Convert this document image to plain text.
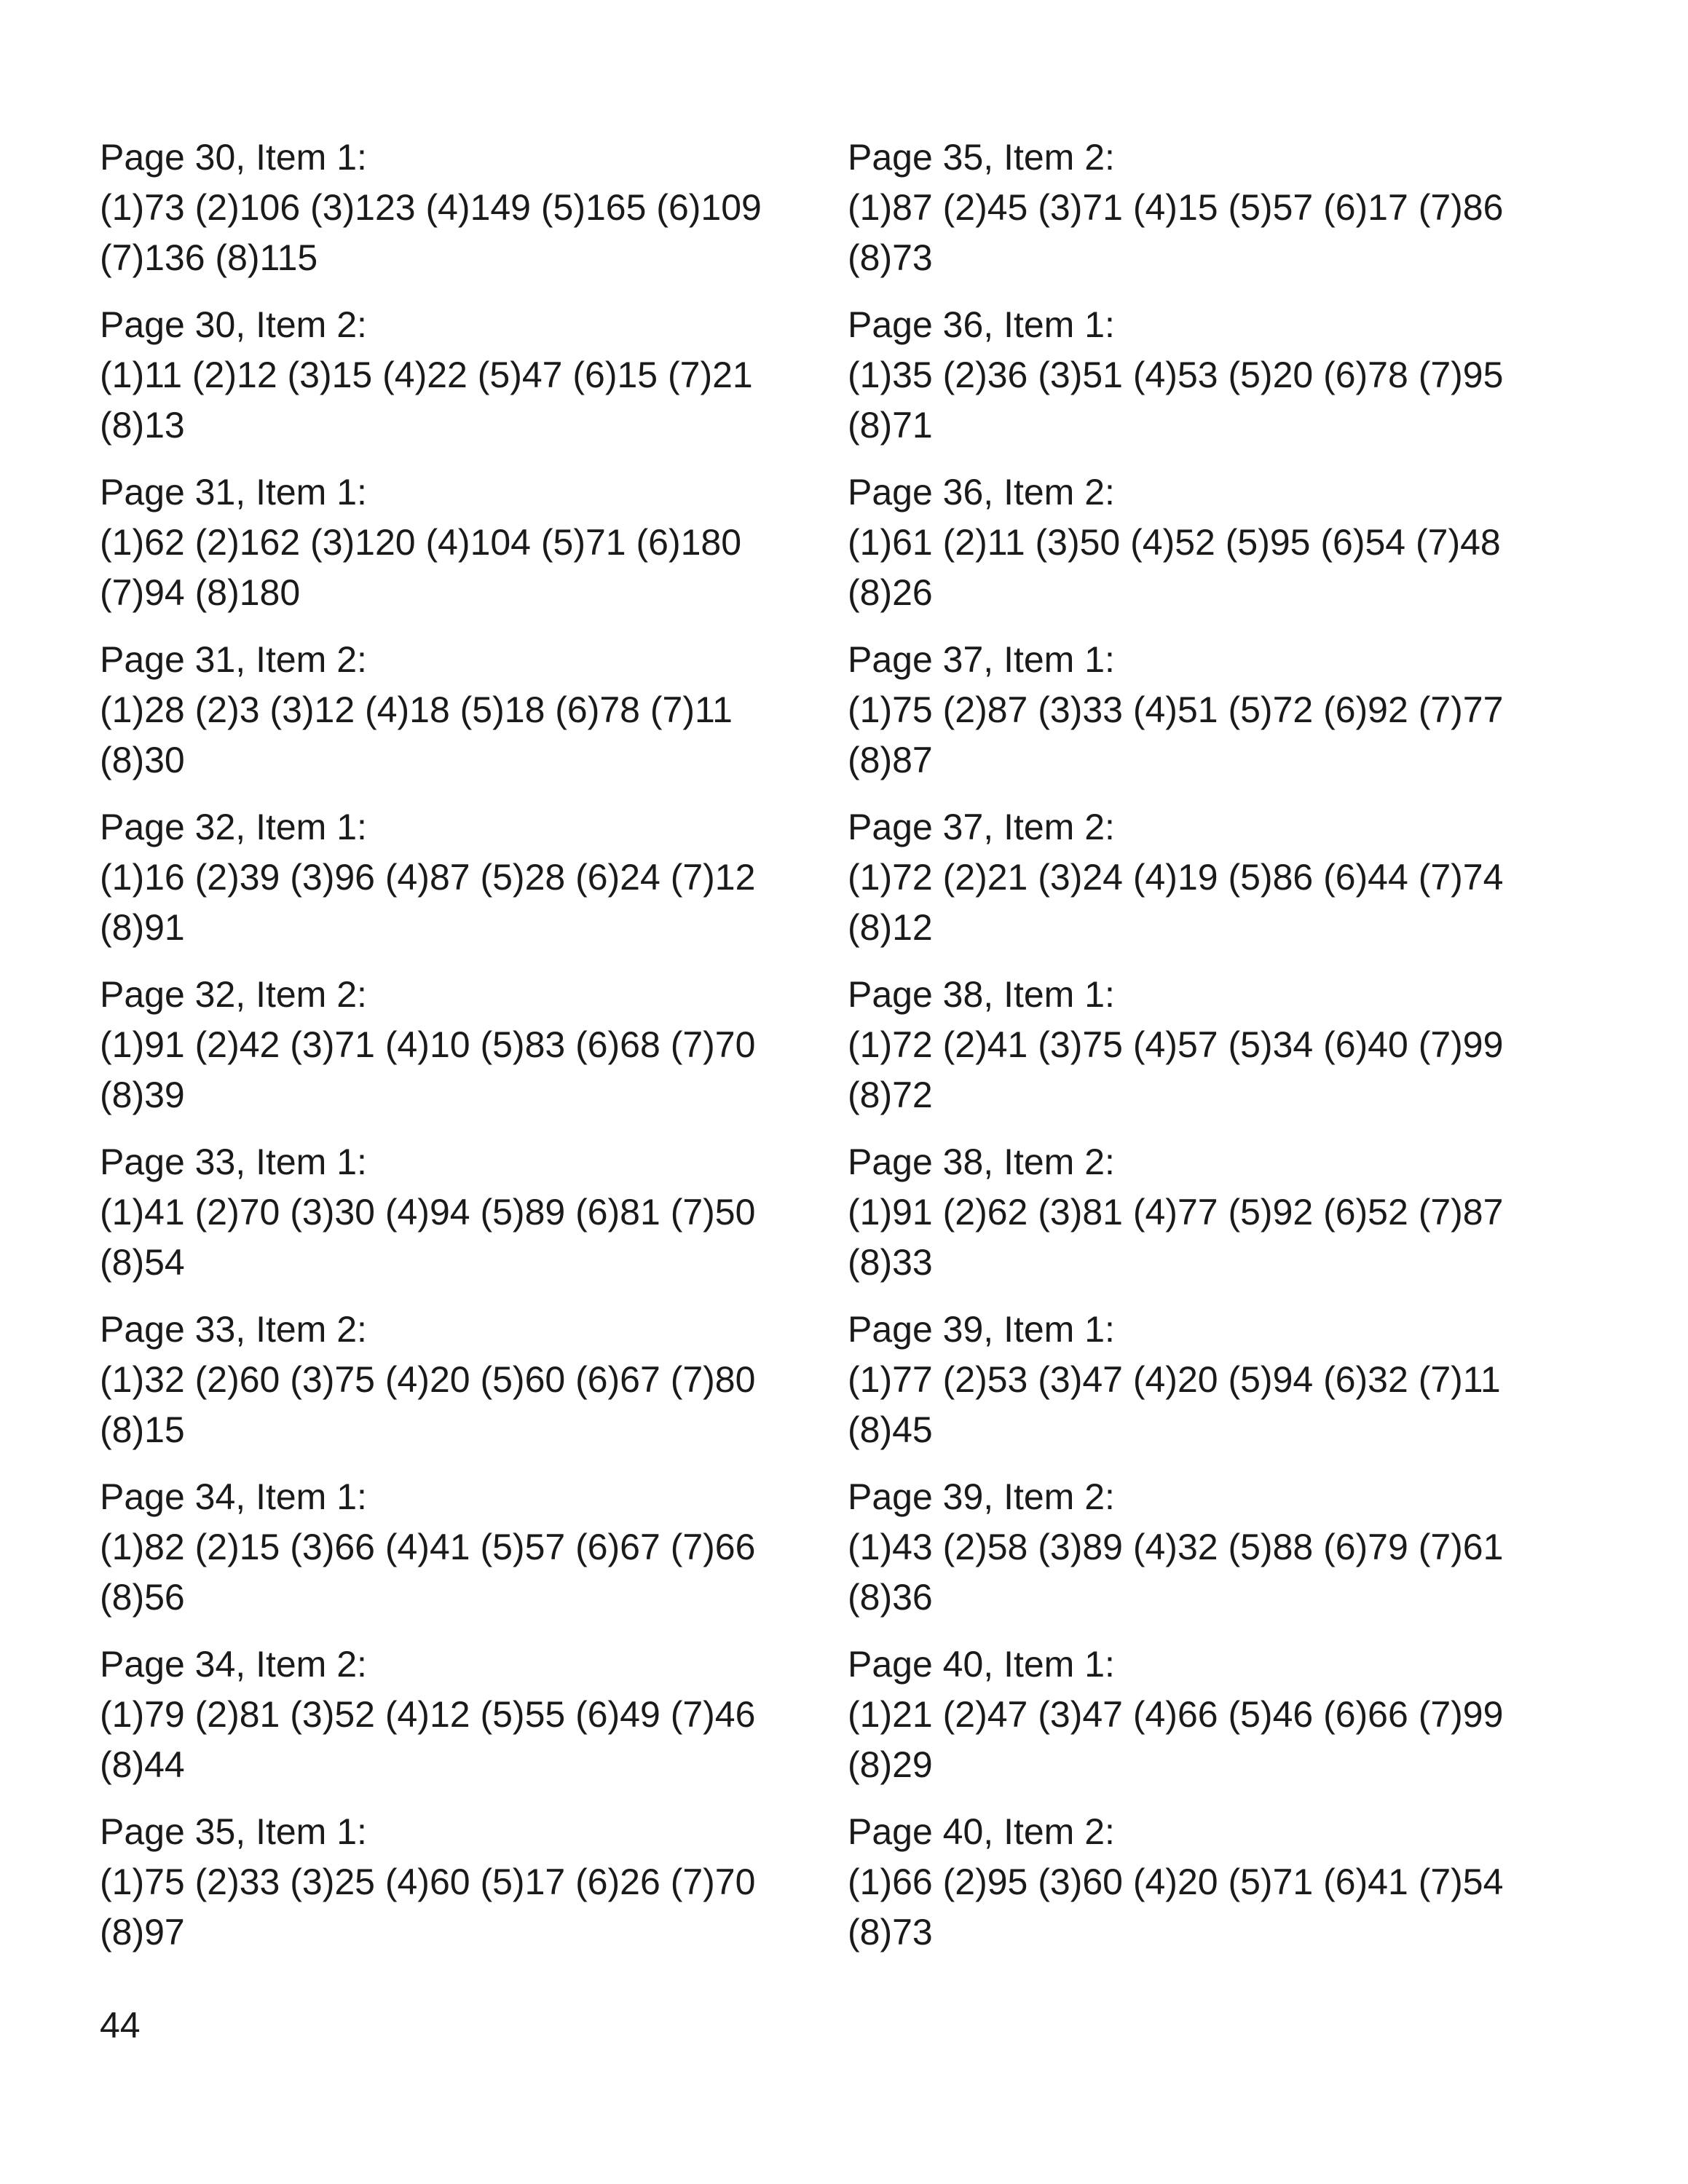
Page 30, Item 1:
(1)73 (2)106 (3)123 (4)149 (5)165 (6)109
(7)136 (8)115
Page 30, Item 2:
(1)11 (2)12 (3)15 (4)22 (5)47 (6)15 (7)21
(8)13
Page 31, Item 1:
(1)62 (2)162 (3)120 (4)104 (5)71 (6)180
(7)94 (8)180
Page 31, Item 2:
(1)28 (2)3 (3)12 (4)18 (5)18 (6)78 (7)11
(8)30
Page 32, Item 1:
(1)16 (2)39 (3)96 (4)87 (5)28 (6)24 (7)12
(8)91
Page 32, Item 2:
(1)91 (2)42 (3)71 (4)10 (5)83 (6)68 (7)70
(8)39
Page 33, Item 1:
(1)41 (2)70 (3)30 (4)94 (5)89 (6)81 (7)50
(8)54
Page 33, Item 2:
(1)32 (2)60 (3)75 (4)20 (5)60 (6)67 (7)80
(8)15
Page 34, Item 1:
(1)82 (2)15 (3)66 (4)41 (5)57 (6)67 (7)66
(8)56
Page 34, Item 2:
(1)79 (2)81 (3)52 (4)12 (5)55 (6)49 (7)46
(8)44
Page 35, Item 1:
(1)75 (2)33 (3)25 (4)60 (5)17 (6)26 (7)70
(8)97
Page 35, Item 2:
(1)87 (2)45 (3)71 (4)15 (5)57 (6)17 (7)86
(8)73
Page 36, Item 1:
(1)35 (2)36 (3)51 (4)53 (5)20 (6)78 (7)95
(8)71
Page 36, Item 2:
(1)61 (2)11 (3)50 (4)52 (5)95 (6)54 (7)48
(8)26
Page 37, Item 1:
(1)75 (2)87 (3)33 (4)51 (5)72 (6)92 (7)77
(8)87
Page 37, Item 2:
(1)72 (2)21 (3)24 (4)19 (5)86 (6)44 (7)74
(8)12
Page 38, Item 1:
(1)72 (2)41 (3)75 (4)57 (5)34 (6)40 (7)99
(8)72
Page 38, Item 2:
(1)91 (2)62 (3)81 (4)77 (5)92 (6)52 (7)87
(8)33
Page 39, Item 1:
(1)77 (2)53 (3)47 (4)20 (5)94 (6)32 (7)11
(8)45
Page 39, Item 2:
(1)43 (2)58 (3)89 (4)32 (5)88 (6)79 (7)61
(8)36
Page 40, Item 1:
(1)21 (2)47 (3)47 (4)66 (5)46 (6)66 (7)99
(8)29
Page 40, Item 2:
(1)66 (2)95 (3)60 (4)20 (5)71 (6)41 (7)54
(8)73
44
